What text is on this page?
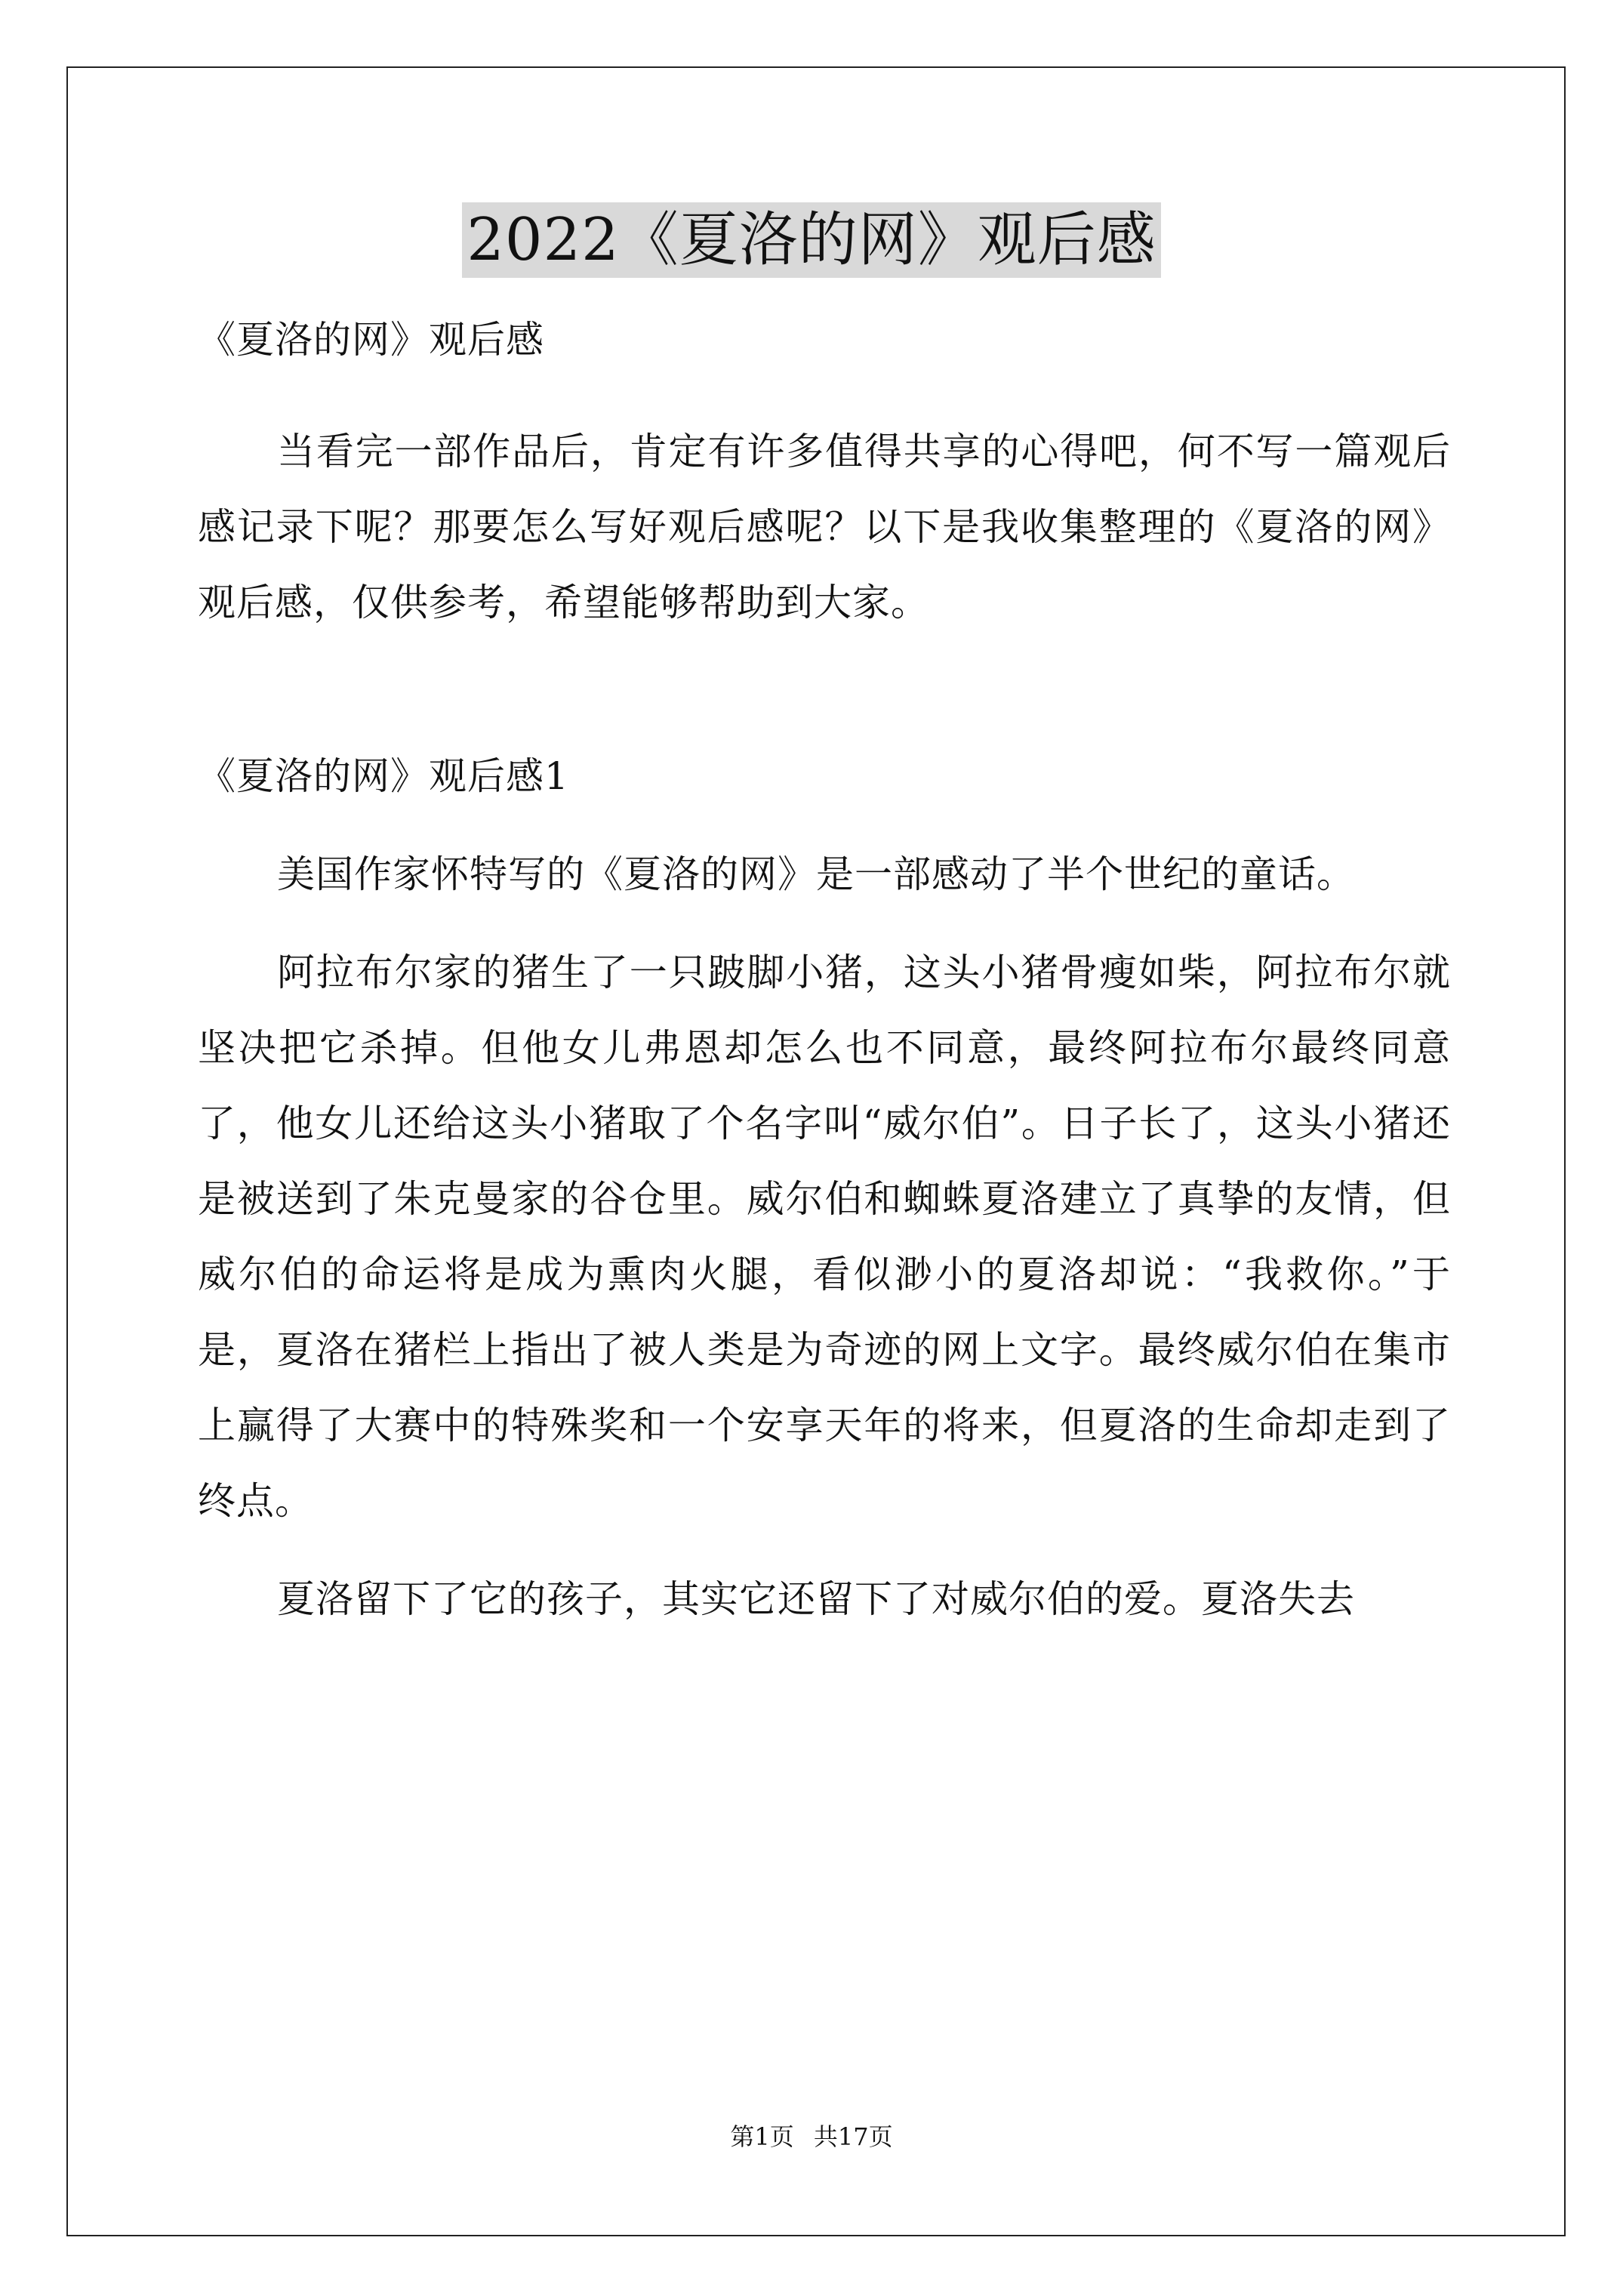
2022《夏洛的网》观后感
《夏洛的网》观后感
当看完一部作品后，肯定有许多值得共享的心得吧，何不写一篇观后感记录下呢？那要怎么写好观后感呢？以下是我收集整理的《夏洛的网》观后感，仅供参考，希望能够帮助到大家。
《夏洛的网》观后感1
美国作家怀特写的《夏洛的网》是一部感动了半个世纪的童话。
阿拉布尔家的猪生了一只跛脚小猪，这头小猪骨瘦如柴，阿拉布尔就坚决把它杀掉。但他女儿弗恩却怎么也不同意，最终阿拉布尔最终同意了，他女儿还给这头小猪取了个名字叫“威尔伯”。日子长了，这头小猪还是被送到了朱克曼家的谷仓里。威尔伯和蜘蛛夏洛建立了真挚的友情，但威尔伯的命运将是成为熏肉火腿，看似渺小的夏洛却说：“我救你。”于是，夏洛在猪栏上指出了被人类是为奇迹的网上文字。最终威尔伯在集市上赢得了大赛中的特殊奖和一个安享天年的将来，但夏洛的生命却走到了终点。
夏洛留下了它的孩子，其实它还留下了对威尔伯的爱。夏洛失去
第1页 共17页
